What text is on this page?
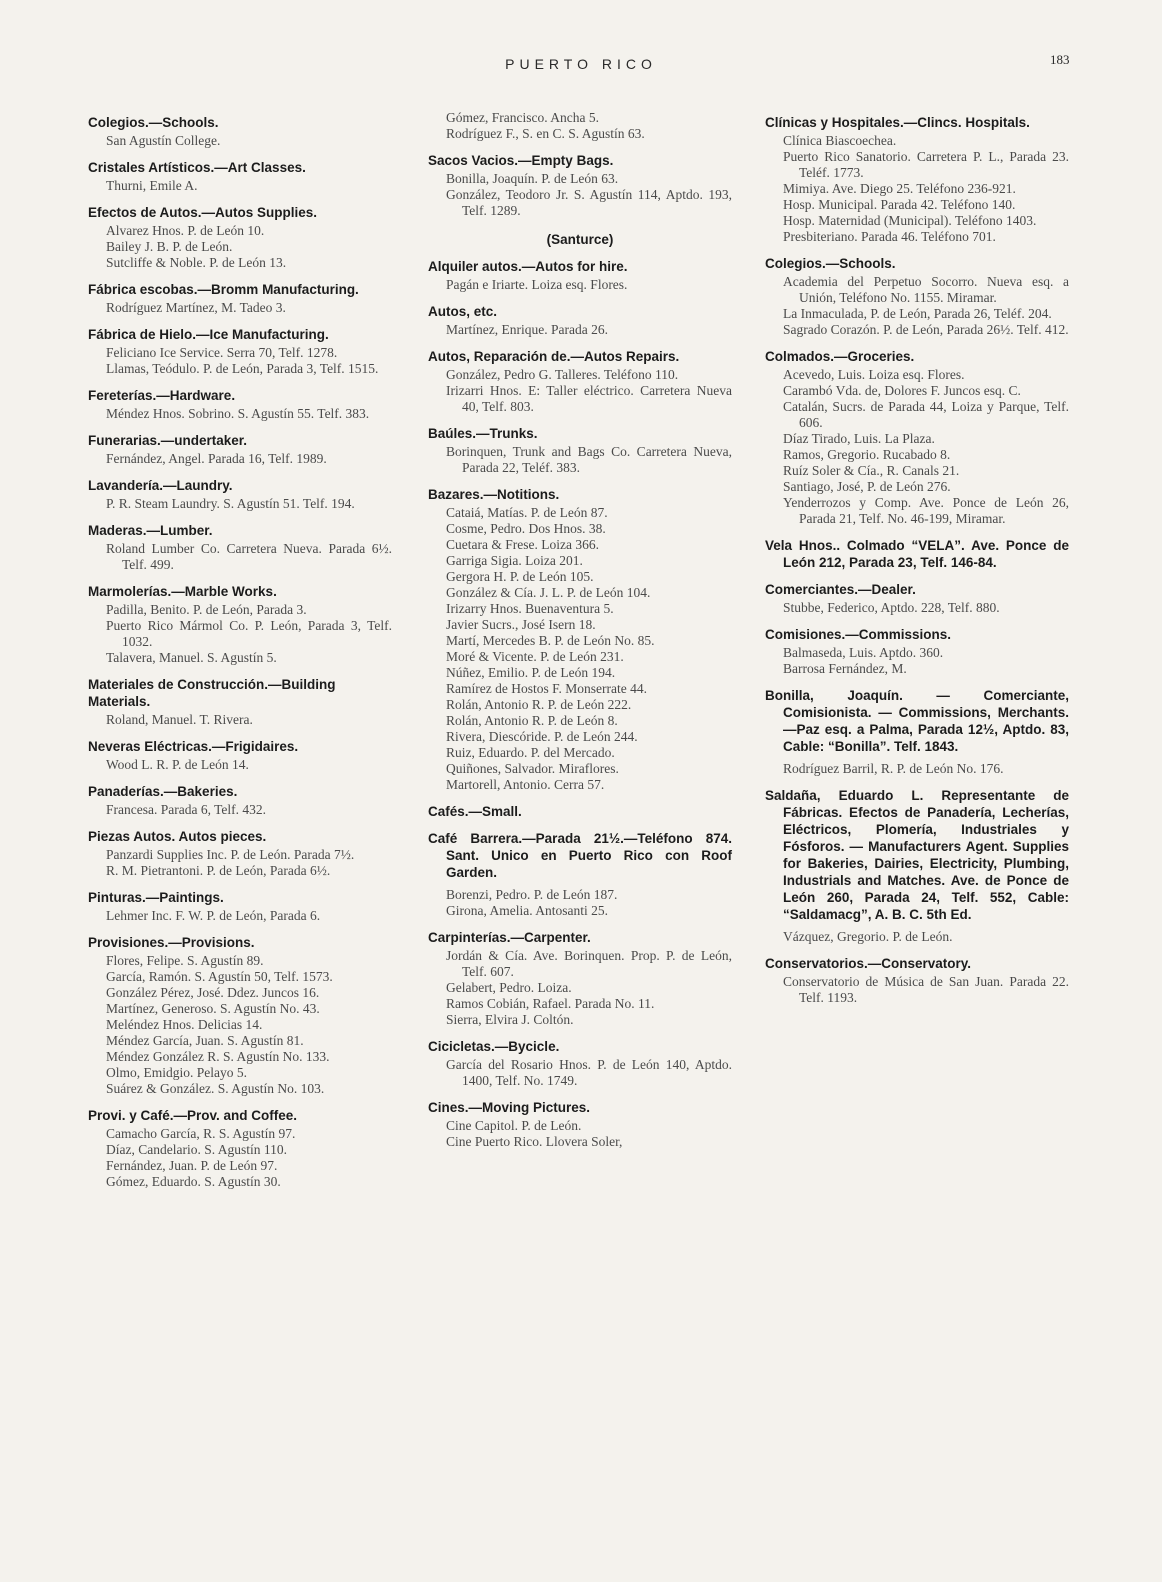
PUERTO RICO	183

Colegios.—Schools.

San Agustín College.

Cristales Artísticos.—Art Classes.

Thurni, Emile A.

Efectos de Autos.—Autos Supplies.

Alvarez Hnos. P. de León 10.

Bailey J. B. P. de León.

Sutcliffe & Noble. P. de León 13.

Fábrica escobas.—Bromm Manufacturing.

Rodríguez Martínez, M. Tadeo 3.

Fábrica de Hielo.—Ice Manufacturing.

Feliciano Ice Service. Serra 70, Telf. 1278.

Llamas, Teódulo. P. de León, Parada 3, Telf. 1515.

Fereterías.—Hardware.

Méndez Hnos. Sobrino. S. Agustín 55. Telf. 383.

Funerarias.—undertaker.

Fernández, Angel. Parada 16, Telf. 1989.

Lavandería.—Laundry.

P. R. Steam Laundry. S. Agustín 51. Telf. 194.

Maderas.—Lumber.

Roland Lumber Co. Carretera Nueva. Parada 6½. Telf. 499.

Marmolerías.—Marble Works.

Padilla, Benito. P. de León, Parada 3.

Puerto Rico Mármol Co. P. León, Parada 3, Telf. 1032.

Talavera, Manuel. S. Agustín 5.

Materiales de Construcción.—Building Materials.

Roland, Manuel. T. Rivera.

Neveras Eléctricas.—Frigidaires.

Wood L. R. P. de León 14.

Panaderías.—Bakeries.

Francesa. Parada 6, Telf. 432.

Piezas Autos. Autos pieces.

Panzardi Supplies Inc. P. de León. Parada 7½.

R. M. Pietrantoni. P. de León, Parada 6½.

Pinturas.—Paintings.

Lehmer Inc. F. W. P. de León, Parada 6.

Provisiones.—Provisions.

Flores, Felipe. S. Agustín 89.

García, Ramón. S. Agustín 50, Telf. 1573.

González Pérez, José. Ddez. Juncos 16.

Martínez, Generoso. S. Agustín No. 43.

Meléndez Hnos. Delicias 14.

Méndez García, Juan. S. Agustín 81.

Méndez González R. S. Agustín No. 133.

Olmo, Emidgio. Pelayo 5.

Suárez & González. S. Agustín No. 103.

Provi. y Café.—Prov. and Coffee.

Camacho García, R. S. Agustín 97.

Díaz, Candelario. S. Agustín 110.

Fernández, Juan. P. de León 97.

Gómez, Eduardo. S. Agustín 30.

Gómez, Francisco. Ancha 5.

Rodríguez F., S. en C. S. Agustín 63.

Sacos Vacios.—Empty Bags.

Bonilla, Joaquín. P. de León 63.

González, Teodoro Jr. S. Agustín 114, Aptdo. 193, Telf. 1289.

(Santurce)

Alquiler autos.—Autos for hire.

Pagán e Iriarte. Loiza esq. Flores.

Autos, etc.

Martínez, Enrique. Parada 26.

Autos, Reparación de.—Autos Repairs.

González, Pedro G. Talleres. Teléfono 110.

Irizarri Hnos. E: Taller eléctrico. Carretera Nueva 40, Telf. 803.

Baúles.—Trunks.

Borinquen, Trunk and Bags Co. Carretera Nueva, Parada 22, Teléf. 383.

Bazares.—Notitions.

Cataiá, Matías. P. de León 87.

Cosme, Pedro. Dos Hnos. 38.

Cuetara & Frese. Loiza 366.

Garriga Sigia. Loiza 201.

Gergora H. P. de León 105.

González & Cía. J. L. P. de León 104.

Irizarry Hnos. Buenaventura 5.

Javier Sucrs., José Isern 18.

Martí, Mercedes B. P. de León No. 85.

Moré & Vicente. P. de León 231.

Núñez, Emilio. P. de León 194.

Ramírez de Hostos F. Monserrate 44.

Rolán, Antonio R. P. de León 222.

Rolán, Antonio R. P. de León 8.

Rivera, Diescóride. P. de León 244.

Ruiz, Eduardo. P. del Mercado.

Quiñones, Salvador. Miraflores.

Martorell, Antonio. Cerra 57.

Cafés.—Small.

Café Barrera.—Parada 21½.—Teléfono 874. Sant. Unico en Puerto Rico con Roof Garden.

Borenzi, Pedro. P. de León 187.

Girona, Amelia. Antosanti 25.

Carpinterías.—Carpenter.

Jordán & Cía. Ave. Borinquen. Prop. P. de León, Telf. 607.

Gelabert, Pedro. Loiza.

Ramos Cobián, Rafael. Parada No. 11.

Sierra, Elvira J. Coltón.

Cicicletas.—Bycicle.

García del Rosario Hnos. P. de León 140, Aptdo. 1400, Telf. No. 1749.

Cines.—Moving Pictures.

Cine Capitol. P. de León.

Cine Puerto Rico. Llovera Soler,

Clínicas y Hospitales.—Clincs. Hospitals.

Clínica Biascoechea.

Puerto Rico Sanatorio. Carretera P. L., Parada 23. Teléf. 1773.

Mimiya. Ave. Diego 25. Teléfono 236-921.

Hosp. Municipal. Parada 42. Teléfono 140.

Hosp. Maternidad (Municipal). Teléfono 1403.

Presbiteriano. Parada 46. Teléfono 701.

Colegios.—Schools.

Academia del Perpetuo Socorro. Nueva esq. a Unión, Teléfono No. 1155. Miramar.

La Inmaculada, P. de León, Parada 26, Teléf. 204.

Sagrado Corazón. P. de León, Parada 26½. Telf. 412.

Colmados.—Groceries.

Acevedo, Luis. Loiza esq. Flores.

Carambó Vda. de, Dolores F. Juncos esq. C.

Catalán, Sucrs. de Parada 44, Loiza y Parque, Telf. 606.

Díaz Tirado, Luis. La Plaza.

Ramos, Gregorio. Rucabado 8.

Ruíz Soler & Cía., R. Canals 21.

Santiago, José, P. de León 276.

Yenderrozos y Comp. Ave. Ponce de León 26, Parada 21, Telf. No. 46-199, Miramar.

Vela Hnos.. Colmado “VELA”. Ave. Ponce de León 212, Parada 23, Telf. 146-84.

Comerciantes.—Dealer.

Stubbe, Federico, Aptdo. 228, Telf. 880.

Comisiones.—Commissions.

Balmaseda, Luis. Aptdo. 360.

Barrosa Fernández, M.

Bonilla, Joaquín. — Comerciante, Comisionista. — Commissions, Merchants.—Paz esq. a Palma, Parada 12½, Aptdo. 83, Cable: “Bonilla”. Telf. 1843.

Rodríguez Barril, R. P. de León No. 176.

Saldaña, Eduardo L. Representante de Fábricas. Efectos de Panadería, Lecherías, Eléctricos, Plomería, Industriales y Fósforos. — Manufacturers Agent. Supplies for Bakeries, Dairies, Electricity, Plumbing, Industrials and Matches. Ave. de Ponce de León 260, Parada 24, Telf. 552, Cable: “Saldamacg”, A. B. C. 5th Ed.

Vázquez, Gregorio. P. de León.

Conservatorios.—Conservatory.

Conservatorio de Música de San Juan. Parada 22. Telf. 1193.
